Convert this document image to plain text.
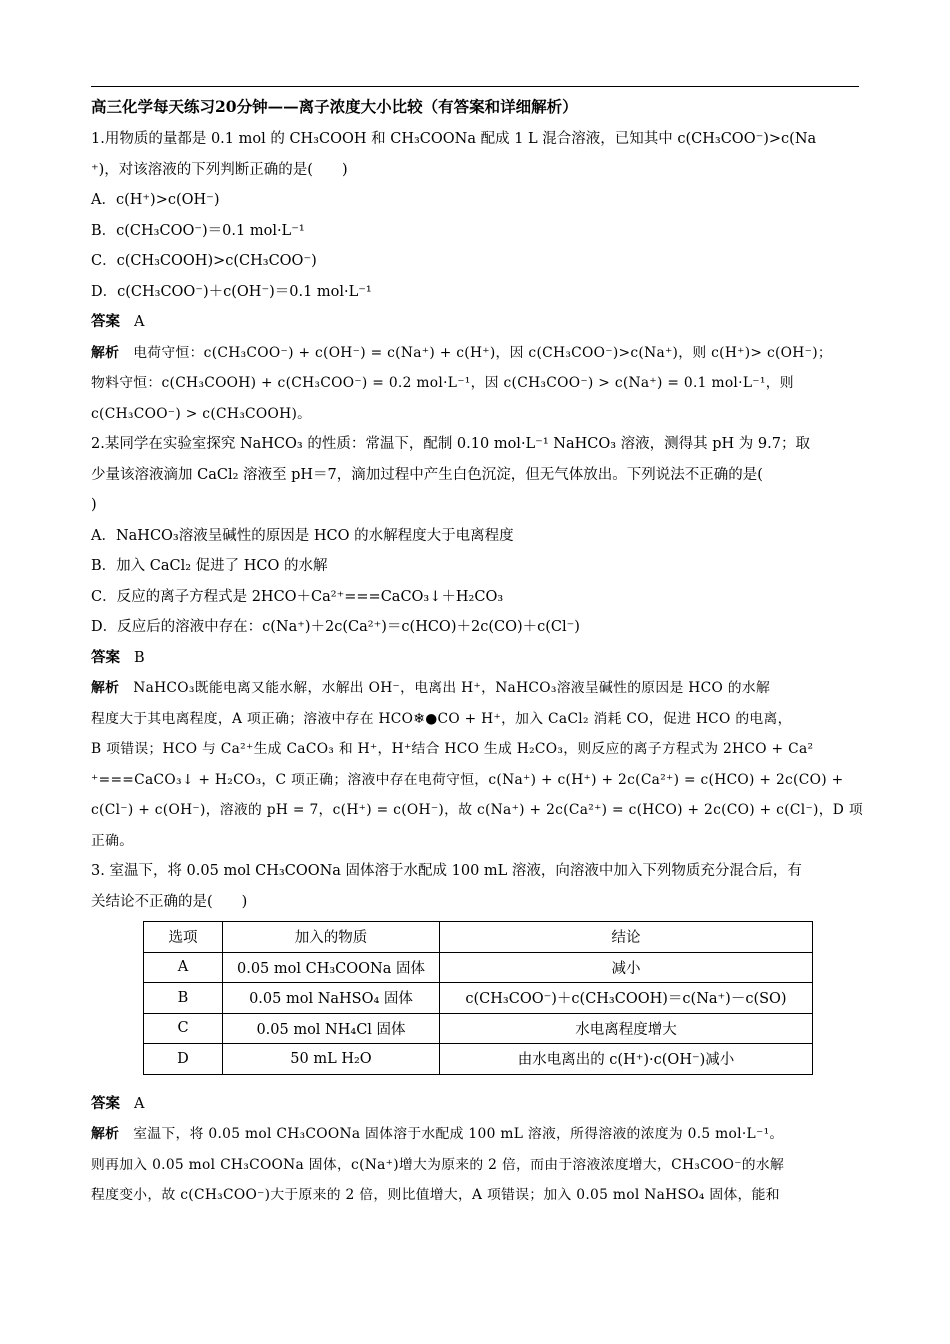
高三化学每天练习20分钟——离子浓度大小比较（有答案和详细解析）

1.用物质的量都是 0.1 mol 的 CH₃COOH 和 CH₃COONa 配成 1 L 混合溶液，已知其中 c(CH₃COO⁻)>c(Na

⁺)，对该溶液的下列判断正确的是(　　)

A．c(H⁺)>c(OH⁻)

B．c(CH₃COO⁻)＝0.1 mol·L⁻¹

C．c(CH₃COOH)>c(CH₃COO⁻)

D．c(CH₃COO⁻)＋c(OH⁻)＝0.1 mol·L⁻¹

答案 A

解析 电荷守恒：c(CH₃COO⁻) + c(OH⁻) = c(Na⁺) + c(H⁺)，因 c(CH₃COO⁻)>c(Na⁺)，则 c(H⁺)> c(OH⁻)；

物料守恒：c(CH₃COOH) + c(CH₃COO⁻) = 0.2 mol·L⁻¹，因 c(CH₃COO⁻) > c(Na⁺) = 0.1 mol·L⁻¹，则

c(CH₃COO⁻) > c(CH₃COOH)。

2.某同学在实验室探究 NaHCO₃ 的性质：常温下，配制 0.10 mol·L⁻¹ NaHCO₃ 溶液，测得其 pH 为 9.7；取

少量该溶液滴加 CaCl₂ 溶液至 pH＝7，滴加过程中产生白色沉淀，但无气体放出。下列说法不正确的是(

)

A．NaHCO₃溶液呈碱性的原因是 HCO 的水解程度大于电离程度

B．加入 CaCl₂ 促进了 HCO 的水解

C．反应的离子方程式是 2HCO＋Ca²⁺===CaCO₃↓＋H₂CO₃

D．反应后的溶液中存在：c(Na⁺)＋2c(Ca²⁺)＝c(HCO)＋2c(CO)＋c(Cl⁻)

答案 B

解析 NaHCO₃既能电离又能水解，水解出 OH⁻，电离出 H⁺，NaHCO₃溶液呈碱性的原因是 HCO 的水解

程度大于其电离程度，A 项正确；溶液中存在 HCO❄●CO + H⁺，加入 CaCl₂ 消耗 CO，促进 HCO 的电离，

B 项错误；HCO 与 Ca²⁺生成 CaCO₃ 和 H⁺，H⁺结合 HCO 生成 H₂CO₃，则反应的离子方程式为 2HCO + Ca²

⁺===CaCO₃↓ + H₂CO₃，C 项正确；溶液中存在电荷守恒，c(Na⁺) + c(H⁺) + 2c(Ca²⁺) = c(HCO) + 2c(CO) +

c(Cl⁻) + c(OH⁻)，溶液的 pH = 7，c(H⁺) = c(OH⁻)，故 c(Na⁺) + 2c(Ca²⁺) = c(HCO) + 2c(CO) + c(Cl⁻)，D 项

正确。

3. 室温下，将 0.05 mol CH₃COONa 固体溶于水配成 100 mL 溶液，向溶液中加入下列物质充分混合后，有

关结论不正确的是(　　)

选项	加入的物质	结论
A	0.05 mol CH₃COONa 固体	减小
B	0.05 mol NaHSO₄ 固体	c(CH₃COO⁻)＋c(CH₃COOH)＝c(Na⁺)－c(SO)
C	0.05 mol NH₄Cl 固体	水电离程度增大
D	50 mL H₂O	由水电离出的 c(H⁺)·c(OH⁻)减小

答案 A

解析 室温下，将 0.05 mol CH₃COONa 固体溶于水配成 100 mL 溶液，所得溶液的浓度为 0.5 mol·L⁻¹。

则再加入 0.05 mol CH₃COONa 固体，c(Na⁺)增大为原来的 2 倍，而由于溶液浓度增大，CH₃COO⁻的水解

程度变小，故 c(CH₃COO⁻)大于原来的 2 倍，则比值增大，A 项错误；加入 0.05 mol NaHSO₄ 固体，能和
